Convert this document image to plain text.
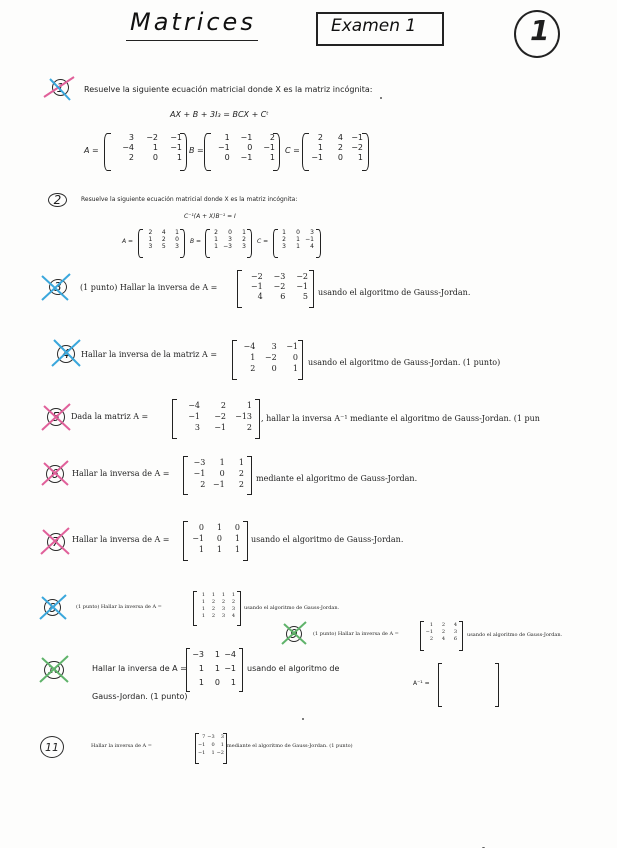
Matrices	Examen 1	1
1 Resuelve la siguiente ecuación matricial donde X es la matriz incógnita:
AX + B + 3I₃ = BCX + Cᵗ
A =	B =	C =
3	−2	−1
−4	1	−1
2	0	1
1	−1	2
−1	0	−1
0	−1	1
2	4	−1
1	2	−2
−1	0	1
2	Resuelve la siguiente ecuación matricial donde X es la matriz incógnita:
C⁻¹(A + X)B⁻¹ = I
A =	B =	C =
2	4	1
1	2	0
3	5	3
2	0	1
1	3	2
1 −3	3
1	0	3
2	1 −1
3	1	4
3 (1 punto) Hallar la inversa de A =
−2	−3	−2
−1	−2	−1
4	6	5 usando el algoritmo de Gauss-Jordan.
4 Hallar la inversa de la matriz A =
−4	3	−1
1	−2	0
2	0	1
usando el algoritmo de Gauss-Jordan. (1 punto)
5 Dada la matriz A =
−4	2	1
−1	−2	−13
3	−1	2
, hallar la inversa A⁻¹ mediante el algoritmo de Gauss-Jordan. (1 pun
6 Hallar la inversa de A =
−3	1	1
−1	0	2
2 −1	2
mediante el algoritmo de Gauss-Jordan.
7 Hallar la inversa de A =
0	1	0
−1	0	1
1	1	1
usando el algoritmo de Gauss-Jordan.
8	(1 punto) Hallar la inversa de A =
1	1	1	1
1	2	2	2
1	2	3	3
1	2	3	4
usando el algoritmo de Gauss-Jordan.
9	(1 punto) Hallar la inversa de A =
1	2	4
−1	2	3
2	4	6
usando el algoritmo de Gauss-Jordan.
10	Hallar la inversa de A =
−3	1 −4
1	1 −1
1	0	1
usando el algoritmo de
Gauss-Jordan. (1 punto)
A⁻¹ =
11	Hallar la inversa de A =
7 −3	3
−1	0	1
−1	1 −2
mediante el algoritmo de Gauss-Jordan. (1 punto)
